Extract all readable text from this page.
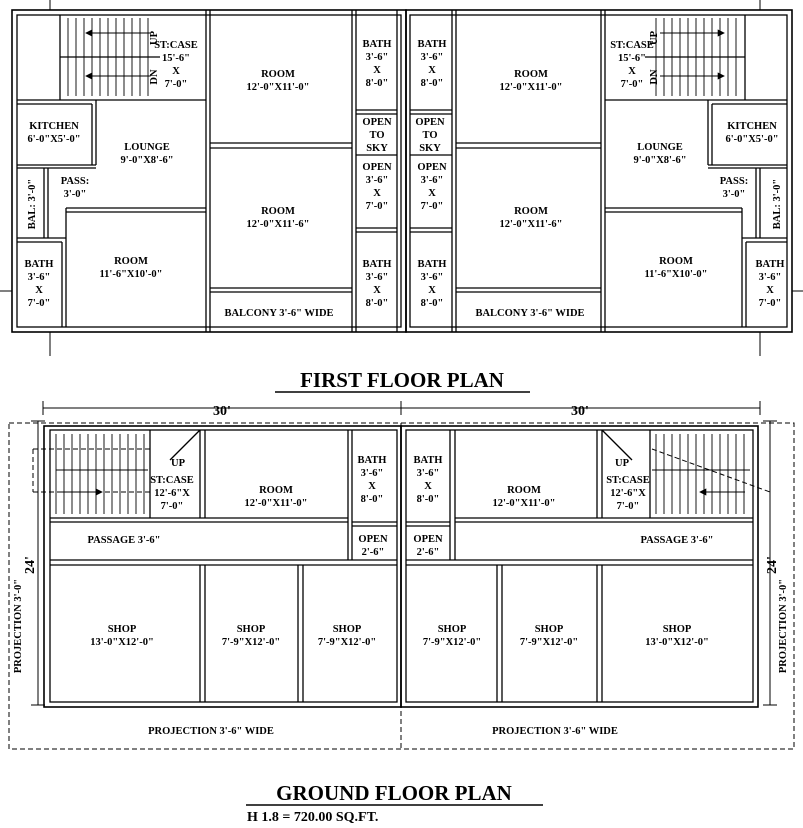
ST:CASE
15'-6"
X
7'-0"
UP
DN
KITCHEN
6'-0"X5'-0"
LOUNGE
9'-0"X8'-6"
PASS:
3'-0"
BAL: 3'-0"
BATH
3'-6"
X
7'-0"
ROOM
11'-6"X10'-0"
ROOM
12'-0"X11'-0"
ROOM
12'-0"X11'-6"
BALCONY 3'-6" WIDE
BATH
3'-6"
X
8'-0"
OPEN
TO
SKY
OPEN
3'-6"
X
7'-0"
BATH
3'-6"
X
8'-0"
BATH
3'-6"
X
8'-0"
OPEN
TO
SKY
OPEN
3'-6"
X
7'-0"
BATH
3'-6"
X
8'-0"
ROOM
12'-0"X11'-0"
ROOM
12'-0"X11'-6"
BALCONY 3'-6" WIDE
ST:CASE
15'-6"
X
7'-0"
UP
DN
KITCHEN
6'-0"X5'-0"
LOUNGE
9'-0"X8'-6"
PASS:
3'-0"	BAL: 3'-0"
ROOM
11'-6"X10'-0"
BATH
3'-6"
X
7'-0"
FIRST FLOOR PLAN
30'	30'
24'	24'
UP
ST:CASE
12'-6"X
7'-0"
ROOM
12'-0"X11'-0"
BATH
3'-6"
X
8'-0"
OPEN
2'-6"
PASSAGE 3'-6"
SHOP
13'-0"X12'-0"
SHOP
7'-9"X12'-0"
SHOP
7'-9"X12'-0"
PROJECTION 3'-0"
PROJECTION 3'-6" WIDE
BATH
3'-6"
X
8'-0"
OPEN
2'-6"
ROOM
12'-0"X11'-0"
UP
ST:CASE
12'-6"X
7'-0"
PASSAGE 3'-6"
SHOP
7'-9"X12'-0"
SHOP
7'-9"X12'-0"
SHOP
13'-0"X12'-0"	PROJECTION 3'-0"
PROJECTION 3'-6" WIDE
GROUND FLOOR PLAN
H 1.8 = 720.00 SQ.FT.
